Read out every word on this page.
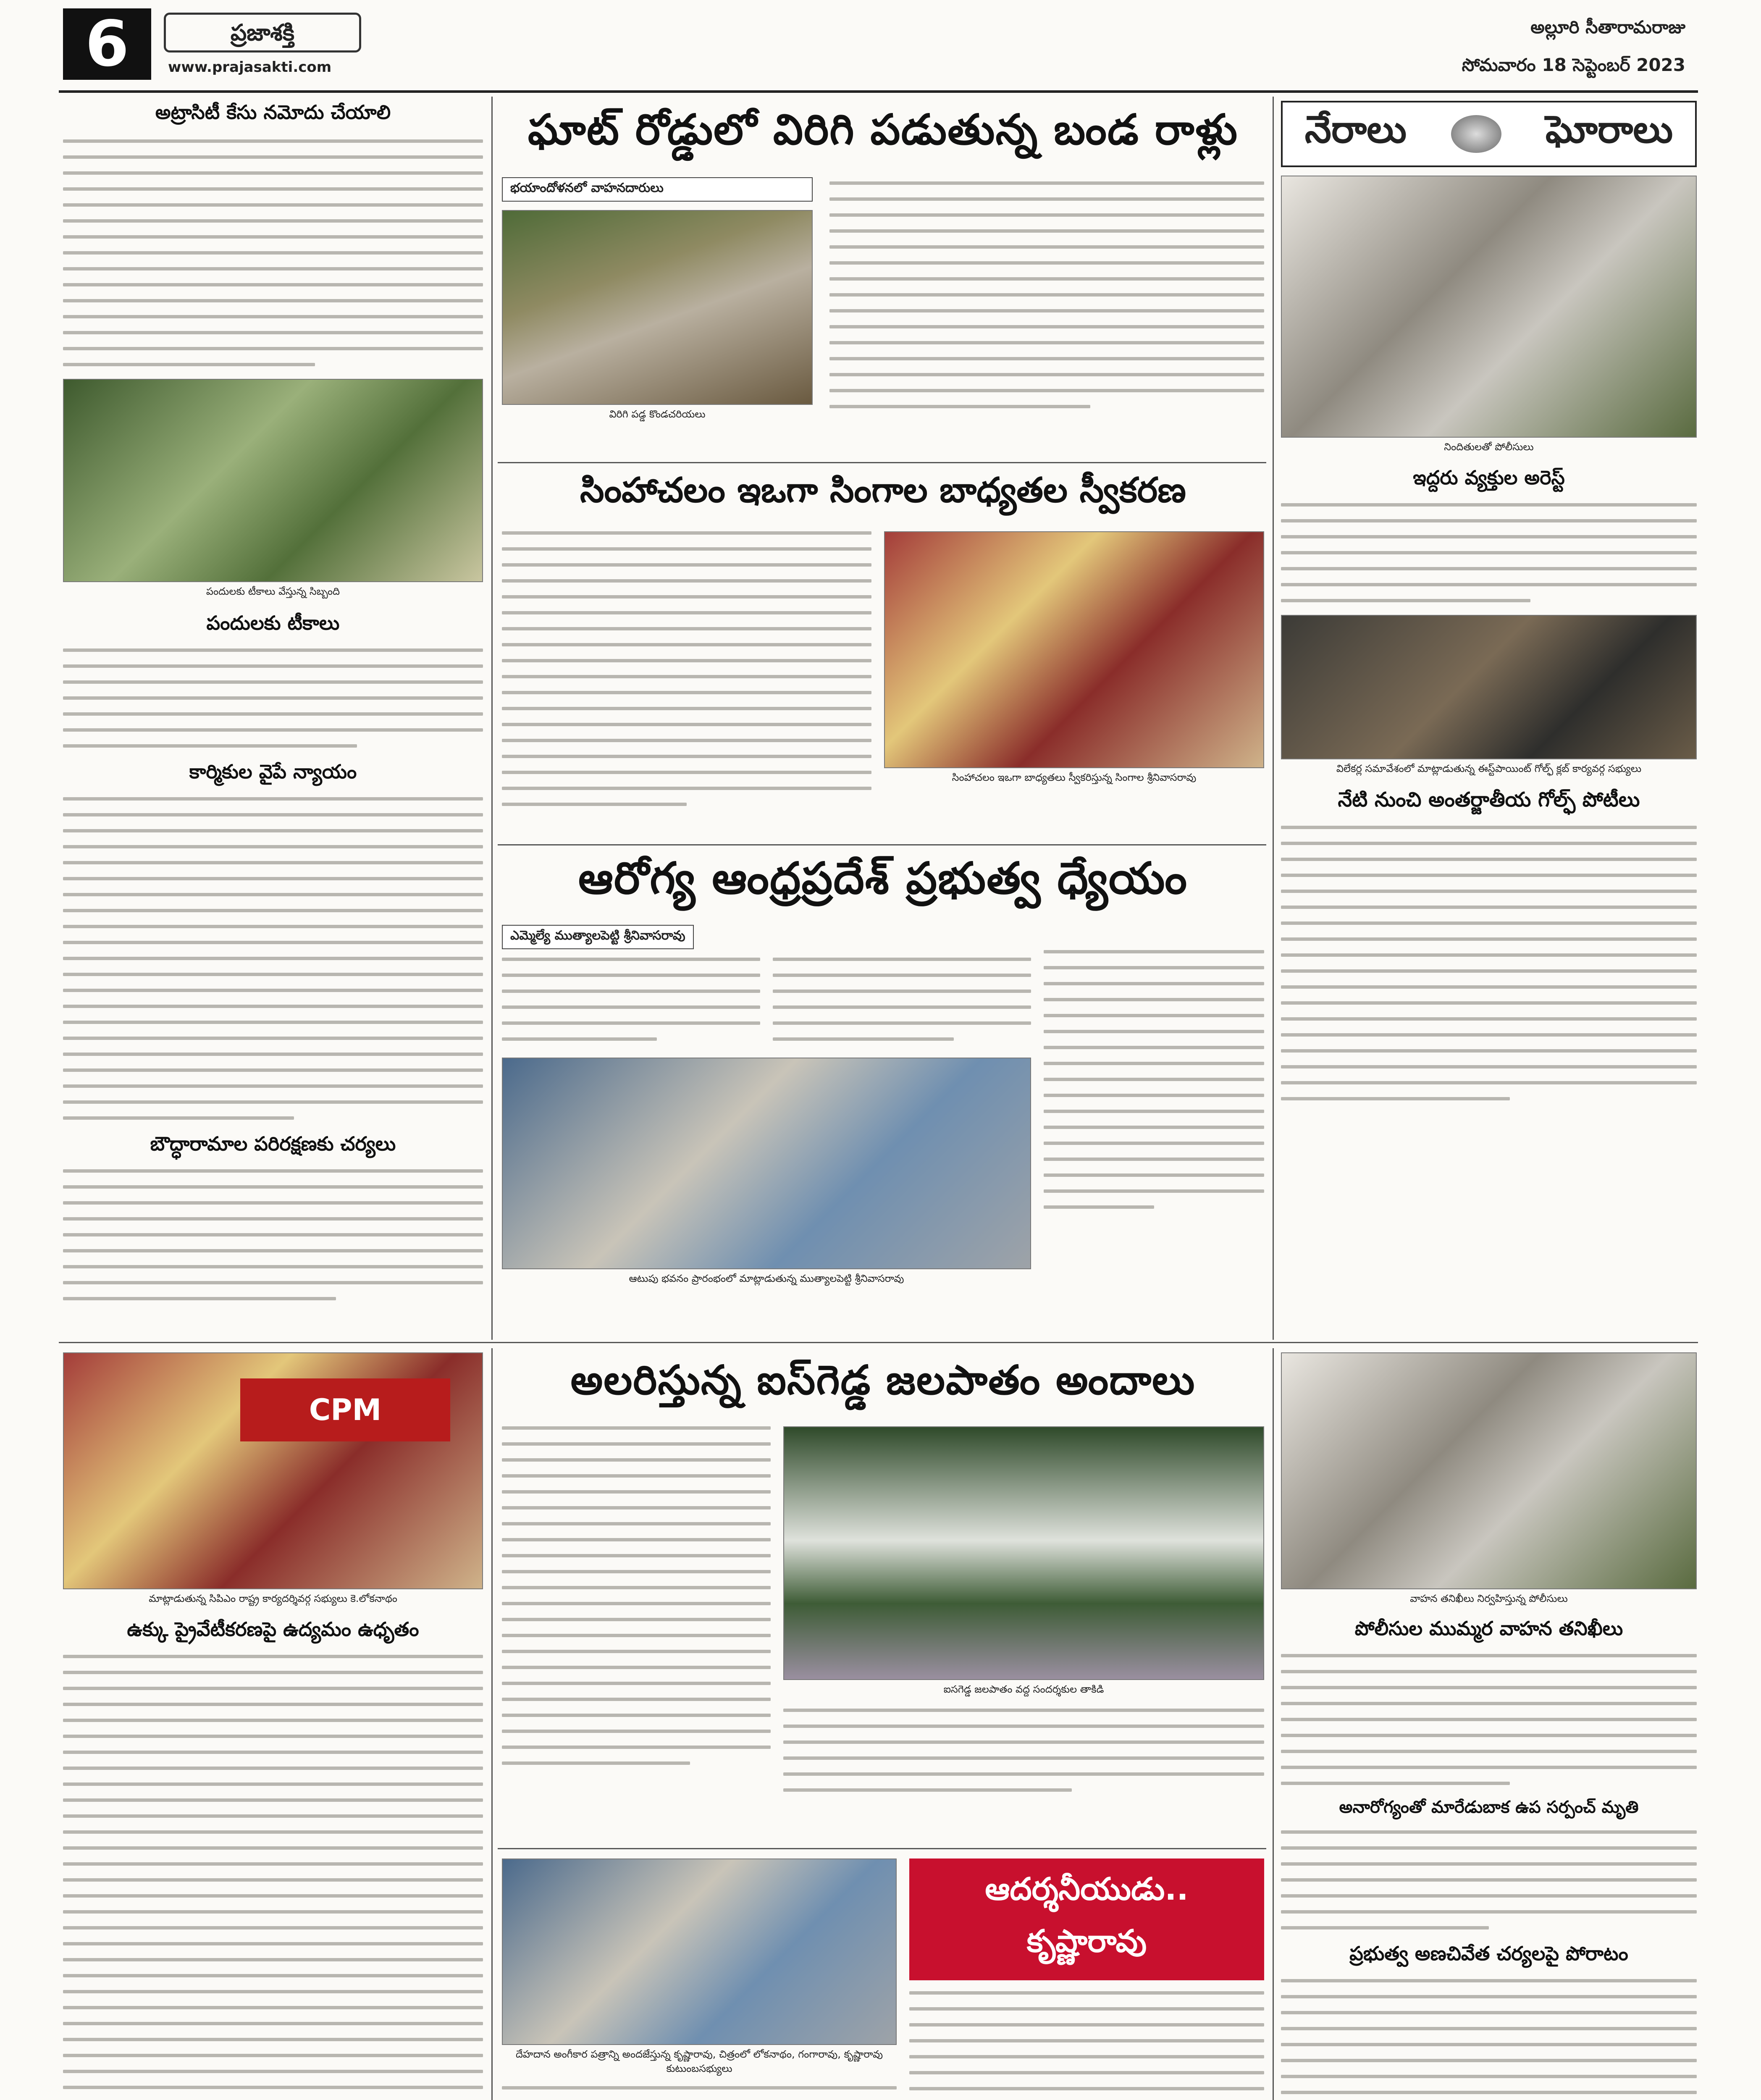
6	ప్రజాశక్తి
www.prajasakti.com
అల్లూరి సీతారామరాజు
సోమవారం 18 సెప్టెంబర్ 2023
అట్రాసిటీ కేసు నమోదు చేయాలి
పందులకు టీకాలు వేస్తున్న సిబ్బంది
పందులకు టీకాలు
కార్మికుల వైపే న్యాయం
బౌద్ధారామాల పరిరక్షణకు చర్యలు
ఘాట్ రోడ్డులో విరిగి పడుతున్న బండ రాళ్లు
భయాందోళనలో వాహనదారులు
విరిగి పడ్డ కొండచరియలు
సింహాచలం ఇఒగా సింగాల బాధ్యతల స్వీకరణ
సింహాచలం ఇఒగా బాధ్యతలు స్వీకరిస్తున్న సింగాల శ్రీనివాసరావు
ఆరోగ్య ఆంధ్రప్రదేశ్ ప్రభుత్వ ధ్యేయం
ఎమ్మెల్యే ముత్యాలపెట్టి శ్రీనివాసరావు
ఆటుపు భవనం ప్రారంభంలో మాట్లాడుతున్న ముత్యాలపెట్టి శ్రీనివాసరావు
నేరాలు	ఘోరాలు
నిందితులతో పోలీసులు
ఇద్దరు వ్యక్తుల అరెస్ట్
విలేకర్ల సమావేశంలో మాట్లాడుతున్న ఈస్ట్‌పాయింట్ గోల్ఫ్ క్లబ్ కార్యవర్గ సభ్యులు
నేటి నుంచి అంతర్జాతీయ గోల్ఫ్ పోటీలు
CPM
మాట్లాడుతున్న సిపిఎం రాష్ట్ర కార్యదర్శివర్గ సభ్యులు కె.లోకనాథం
ఉక్కు ప్రైవేటీకరణపై ఉద్యమం ఉధృతం
అలరిస్తున్న ఐస్‌గెడ్డ జలపాతం అందాలు
ఐసగెడ్డ జలపాతం వద్ద సందర్శకుల తాకిడి
దేహదాన అంగీకార పత్రాన్ని అందజేస్తున్న కృష్ణారావు, చిత్రంలో లోకనాథం, గంగారావు, కృష్ణారావు కుటుంబసభ్యులు
ఆదర్శనీయుడు..
కృష్ణారావు
వాహన తనిఖీలు నిర్వహిస్తున్న పోలీసులు
పోలీసుల ముమ్మర వాహన తనిఖీలు
అనారోగ్యంతో మారేడుబాక ఉప సర్పంచ్ మృతి
ప్రభుత్వ అణచివేత చర్యలపై పోరాటం
